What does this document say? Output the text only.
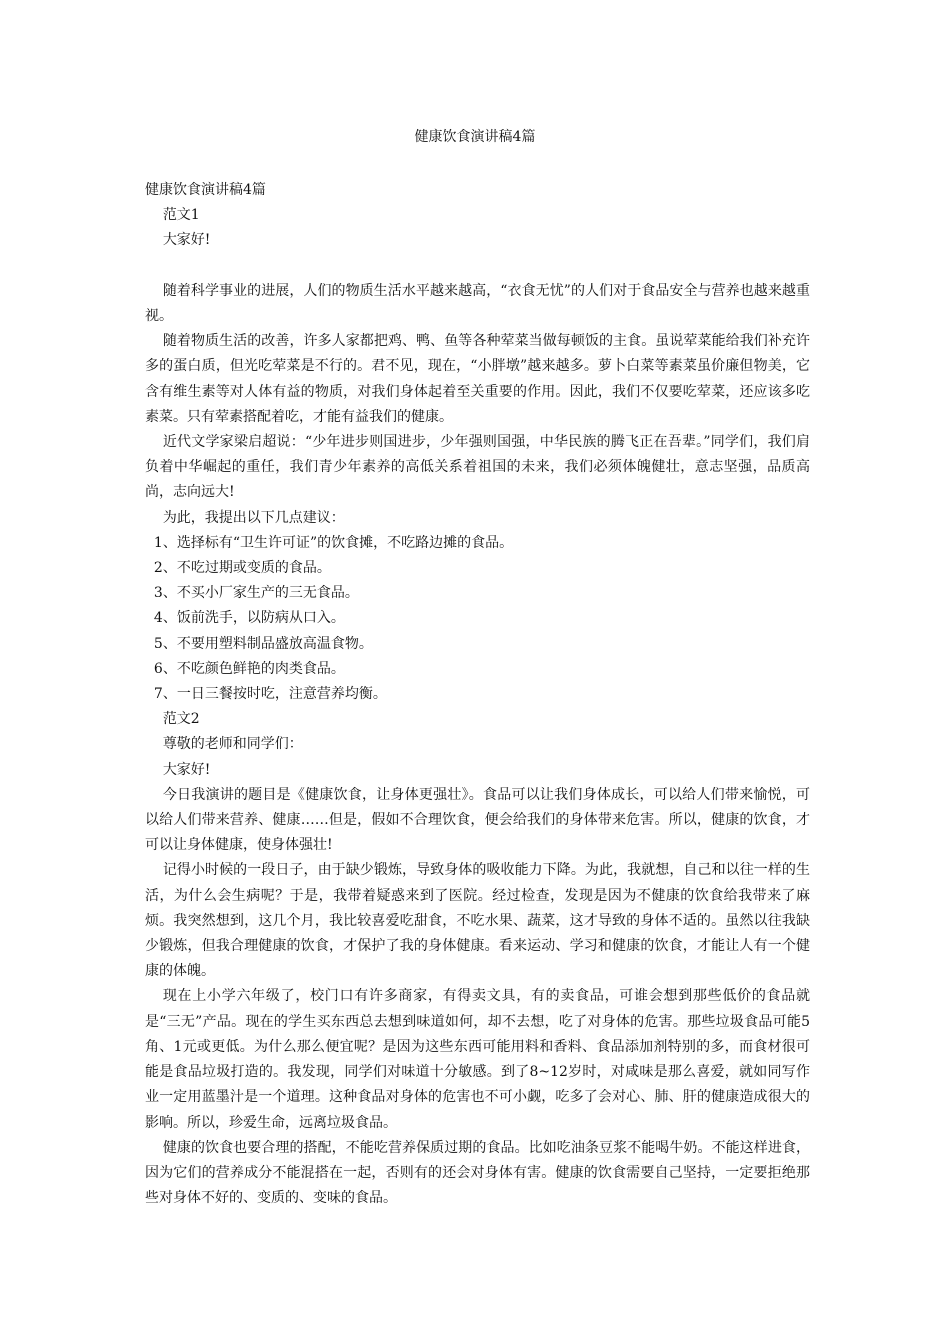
健康饮食演讲稿4篇

健康饮食演讲稿4篇

范文1

大家好!

随着科学事业的进展，人们的物质生活水平越来越高，“衣食无忧”的人们对于食品安全与营养也越来越重视。

随着物质生活的改善，许多人家都把鸡、鸭、鱼等各种荤菜当做每顿饭的主食。虽说荤菜能给我们补充许多的蛋白质，但光吃荤菜是不行的。君不见，现在，“小胖墩”越来越多。萝卜白菜等素菜虽价廉但物美，它含有维生素等对人体有益的物质，对我们身体起着至关重要的作用。因此，我们不仅要吃荤菜，还应该多吃素菜。只有荤素搭配着吃，才能有益我们的健康。

近代文学家梁启超说：“少年进步则国进步，少年强则国强，中华民族的腾飞正在吾辈。”同学们，我们肩负着中华崛起的重任，我们青少年素养的高低关系着祖国的未来，我们必须体魄健壮，意志坚强，品质高尚，志向远大!

为此，我提出以下几点建议：

1、选择标有“卫生许可证”的饮食摊，不吃路边摊的食品。

2、不吃过期或变质的食品。

3、不买小厂家生产的三无食品。

4、饭前洗手，以防病从口入。

5、不要用塑料制品盛放高温食物。

6、不吃颜色鲜艳的肉类食品。

7、一日三餐按时吃，注意营养均衡。

范文2

尊敬的老师和同学们：

大家好!

今日我演讲的题目是《健康饮食，让身体更强壮》。食品可以让我们身体成长，可以给人们带来愉悦，可以给人们带来营养、健康……但是，假如不合理饮食，便会给我们的身体带来危害。所以，健康的饮食，才可以让身体健康，使身体强壮!

记得小时候的一段日子，由于缺少锻炼，导致身体的吸收能力下降。为此，我就想，自己和以往一样的生活，为什么会生病呢？于是，我带着疑惑来到了医院。经过检查，发现是因为不健康的饮食给我带来了麻烦。我突然想到，这几个月，我比较喜爱吃甜食，不吃水果、蔬菜，这才导致的身体不适的。虽然以往我缺少锻炼，但我合理健康的饮食，才保护了我的身体健康。看来运动、学习和健康的饮食，才能让人有一个健康的体魄。

现在上小学六年级了，校门口有许多商家，有得卖文具，有的卖食品，可谁会想到那些低价的食品就是“三无”产品。现在的学生买东西总去想到味道如何，却不去想，吃了对身体的危害。那些垃圾食品可能5角、1元或更低。为什么那么便宜呢？是因为这些东西可能用料和香料、食品添加剂特别的多，而食材很可能是食品垃圾打造的。我发现，同学们对味道十分敏感。到了8~12岁时，对咸味是那么喜爱，就如同写作业一定用蓝墨汁是一个道理。这种食品对身体的危害也不可小觑，吃多了会对心、肺、肝的健康造成很大的影响。所以，珍爱生命，远离垃圾食品。

健康的饮食也要合理的搭配，不能吃营养保质过期的食品。比如吃油条豆浆不能喝牛奶。不能这样进食，因为它们的营养成分不能混搭在一起，否则有的还会对身体有害。健康的饮食需要自己坚持，一定要拒绝那些对身体不好的、变质的、变味的食品。
